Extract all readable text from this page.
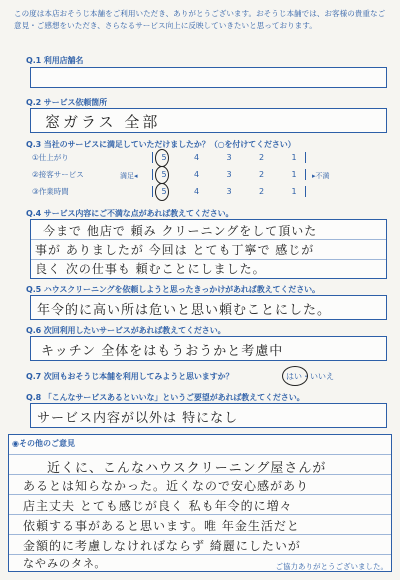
この度は本店おそうじ本舗をご利用いただき、ありがとうございます。おそうじ本舗では、お客様の貴重なご意見・ご感想をいただき、さらなるサービス向上に反映していきたいと思っております。

Q.1 利用店舗名
Q.2 サービス依頼箇所
窓ガラス 全部
Q.3 当社のサービスに満足していただけましたか？（○を付けてください）
①仕上がり	5	4	3	2	1
②接客サービス	満足◂	5	4	3	2	1	▸不満
③作業時間	5	4	3	2	1
Q.4 サービス内容にご不満な点があれば教えてください。
今まで 他店で 頼み クリーニングをして頂いた
事が ありましたが 今回は とても丁寧で 感じが
良く 次の仕事も 頼むことにしました。
Q.5 ハウスクリーニングを依頼しようと思ったきっかけがあれば教えてください。
年令的に高い所は危いと思い頼むことにした。
Q.6 次回利用したいサービスがあれば教えてください。
キッチン 全体をはもうおうかと考慮中
Q.7 次回もおそうじ本舗を利用してみようと思いますか？	はい・いいえ
Q.8 「こんなサービスあるといいな」というご要望があれば教えてください。
サービス内容が以外は 特になし
近くに、こんなハウスクリーニング屋さんが
あるとは知らなかった。近くなので安心感があり
店主丈夫 とても感じが良く 私も年令的に増々
依頼する事があると思います。唯 年金生活だと
金額的に考慮しなければならず 綺麗にしたいが
なやみのタネ。
◉その他のご意見
ご協力ありがとうございました。
